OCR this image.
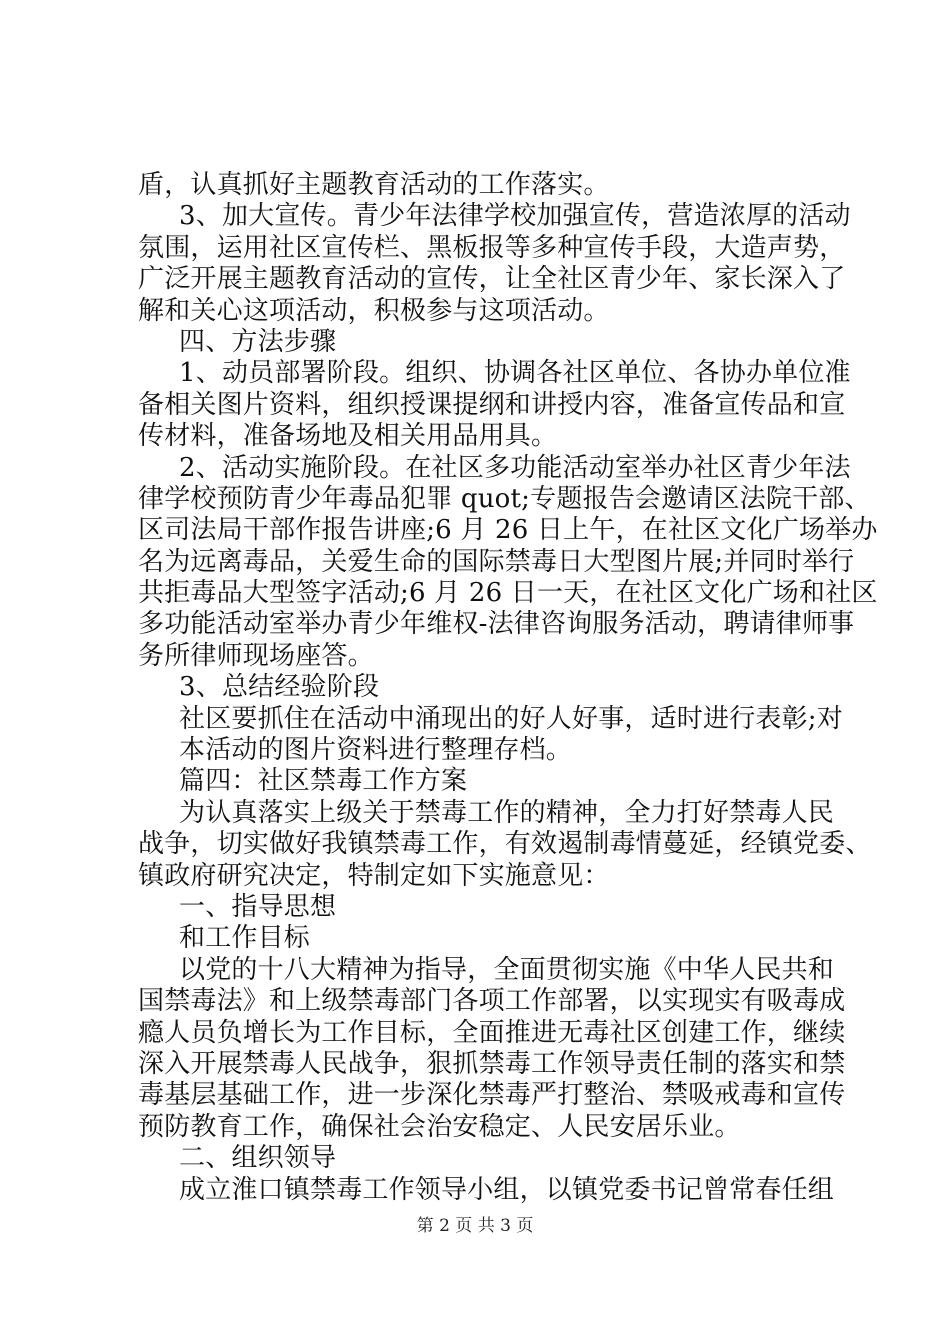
盾，认真抓好主题教育活动的工作落实。
3、加大宣传。青少年法律学校加强宣传，营造浓厚的活动
氛围，运用社区宣传栏、黑板报等多种宣传手段，大造声势，
广泛开展主题教育活动的宣传，让全社区青少年、家长深入了
解和关心这项活动，积极参与这项活动。
四、方法步骤
1、动员部署阶段。组织、协调各社区单位、各协办单位准
备相关图片资料，组织授课提纲和讲授内容，准备宣传品和宣
传材料，准备场地及相关用品用具。
2、活动实施阶段。在社区多功能活动室举办社区青少年法
律学校预防青少年毒品犯罪 quot;专题报告会邀请区法院干部、
区司法局干部作报告讲座;6 月 26 日上午，在社区文化广场举办
名为远离毒品，关爱生命的国际禁毒日大型图片展;并同时举行
共拒毒品大型签字活动;6 月 26 日一天，在社区文化广场和社区
多功能活动室举办青少年维权-法律咨询服务活动，聘请律师事
务所律师现场座答。
3、总结经验阶段
社区要抓住在活动中涌现出的好人好事，适时进行表彰;对
本活动的图片资料进行整理存档。
篇四：社区禁毒工作方案
为认真落实上级关于禁毒工作的精神，全力打好禁毒人民
战争，切实做好我镇禁毒工作，有效遏制毒情蔓延，经镇党委、
镇政府研究决定，特制定如下实施意见：
一、指导思想
和工作目标
以党的十八大精神为指导，全面贯彻实施《中华人民共和
国禁毒法》和上级禁毒部门各项工作部署，以实现实有吸毒成
瘾人员负增长为工作目标，全面推进无毒社区创建工作，继续
深入开展禁毒人民战争，狠抓禁毒工作领导责任制的落实和禁
毒基层基础工作，进一步深化禁毒严打整治、禁吸戒毒和宣传
预防教育工作，确保社会治安稳定、人民安居乐业。
二、组织领导
成立淮口镇禁毒工作领导小组，以镇党委书记曾常春任组
第 2 页 共 3 页
